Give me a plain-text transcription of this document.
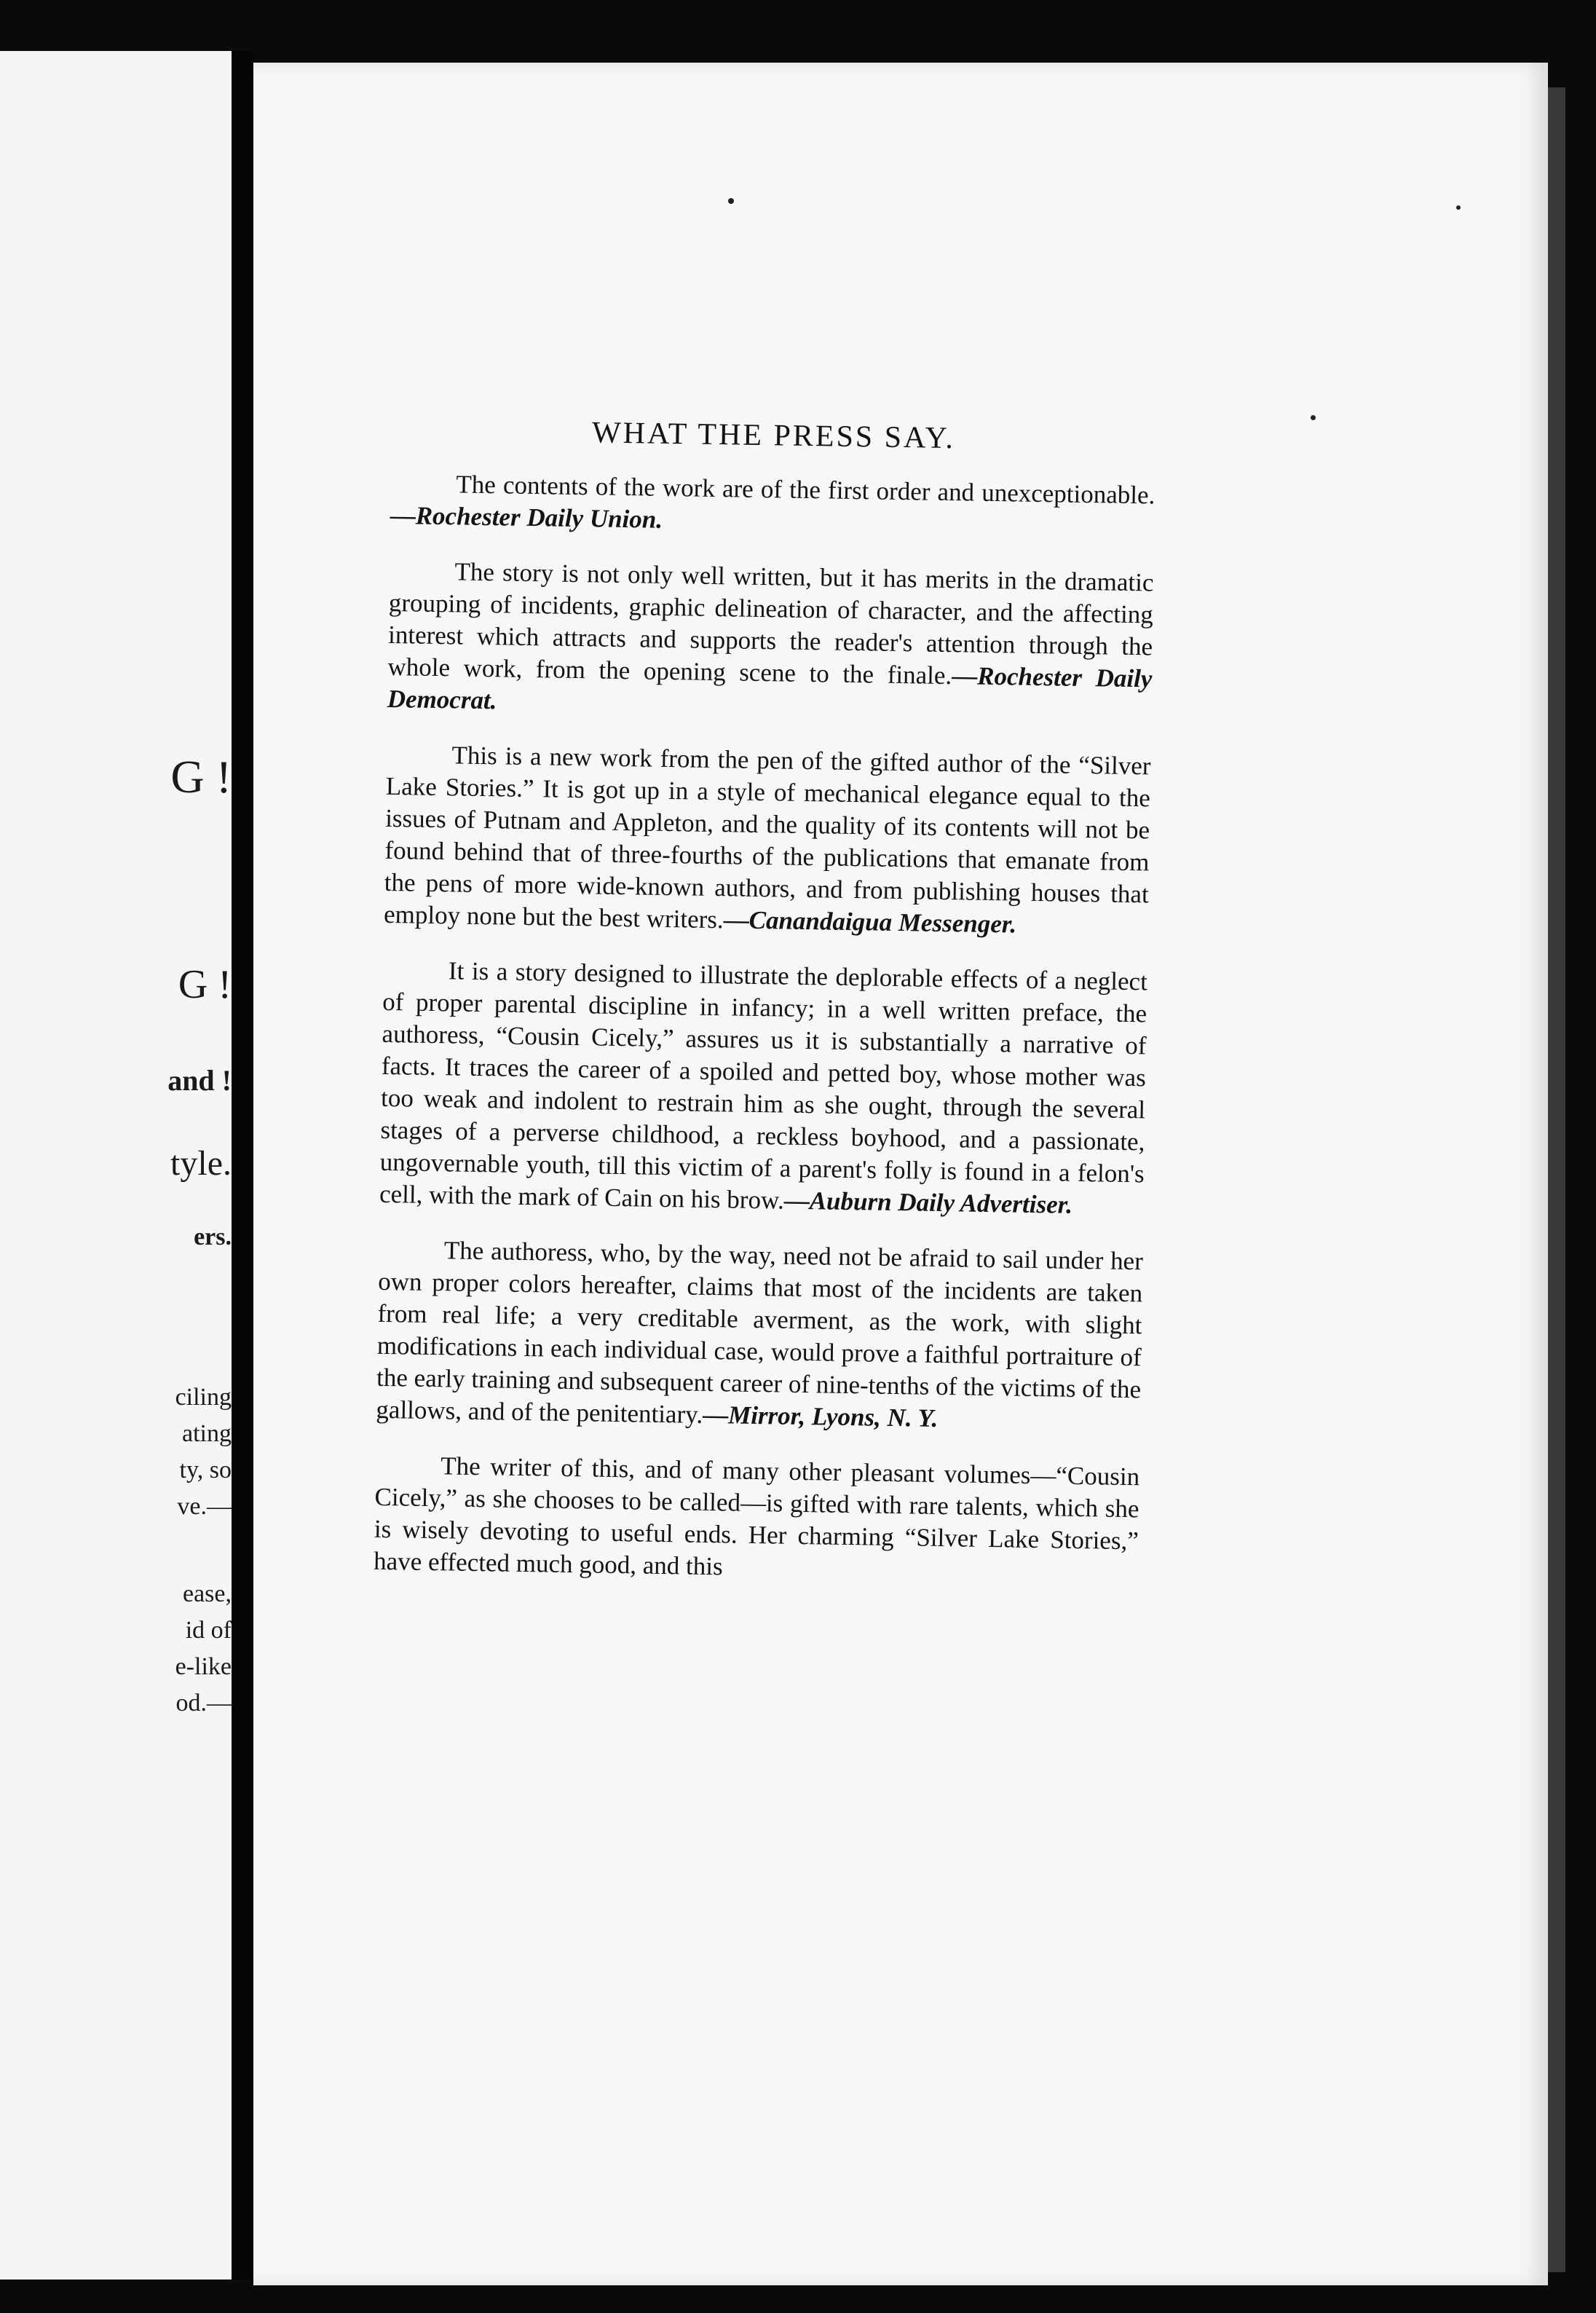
G !
G !
and !
tyle.
ers.
ciling
ating
ty, so
ve.—
ease,
id of
e-like
od.—
WHAT THE PRESS SAY.

The contents of the work are of the first order and unexceptionable.—Rochester Daily Union.

The story is not only well written, but it has merits in the dramatic grouping of incidents, graphic delineation of character, and the affecting interest which attracts and supports the reader's attention through the whole work, from the opening scene to the finale.—Rochester Daily Democrat.

This is a new work from the pen of the gifted author of the “Silver Lake Stories.” It is got up in a style of mechanical elegance equal to the issues of Putnam and Appleton, and the quality of its contents will not be found behind that of three-fourths of the publications that emanate from the pens of more wide-known authors, and from publishing houses that employ none but the best writers.—Canandaigua Messenger.

It is a story designed to illustrate the deplorable effects of a neglect of proper parental discipline in infancy; in a well written preface, the authoress, “Cousin Cicely,” assures us it is substantially a narrative of facts. It traces the career of a spoiled and petted boy, whose mother was too weak and indolent to restrain him as she ought, through the several stages of a perverse childhood, a reckless boyhood, and a passionate, ungovernable youth, till this victim of a parent's folly is found in a felon's cell, with the mark of Cain on his brow.—Auburn Daily Advertiser.

The authoress, who, by the way, need not be afraid to sail under her own proper colors hereafter, claims that most of the incidents are taken from real life; a very creditable averment, as the work, with slight modifications in each individual case, would prove a faithful portraiture of the early training and subsequent career of nine-tenths of the victims of the gallows, and of the penitentiary.—Mirror, Lyons, N. Y.

The writer of this, and of many other pleasant volumes—“Cousin Cicely,” as she chooses to be called—is gifted with rare talents, which she is wisely devoting to useful ends. Her charming “Silver Lake Stories,” have effected much good, and this
